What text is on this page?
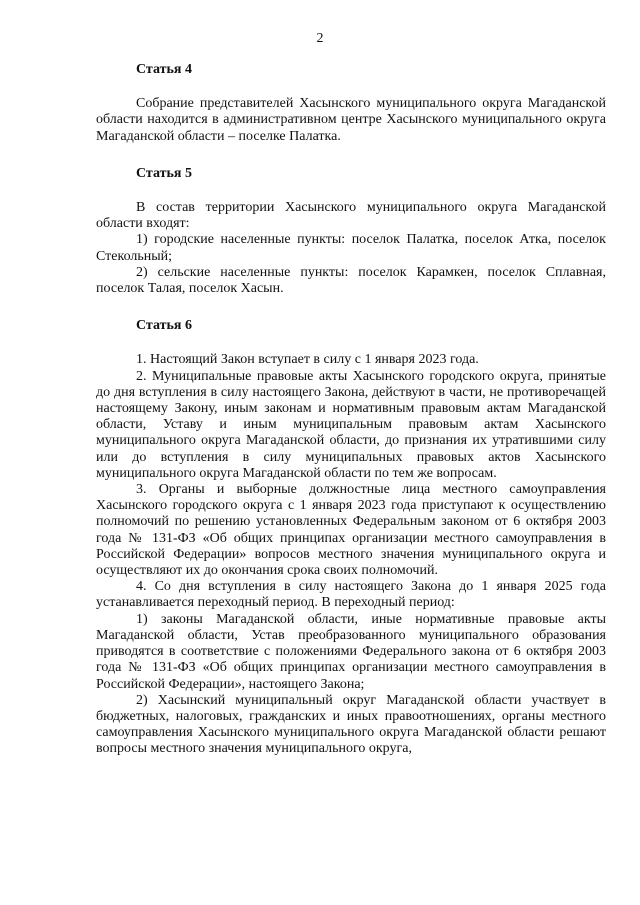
2

Статья 4

Собрание представителей Хасынского муниципального округа Магаданской области находится в административном центре Хасынского муниципального округа Магаданской области – поселке Палатка.

Статья 5

В состав территории Хасынского муниципального округа Магаданской области входят:

1) городские населенные пункты: поселок Палатка, поселок Атка, поселок Стекольный;

2) сельские населенные пункты: поселок Карамкен, поселок Сплавная, поселок Талая, поселок Хасын.

Статья 6

1. Настоящий Закон вступает в силу с 1 января 2023 года.

2. Муниципальные правовые акты Хасынского городского округа, принятые до дня вступления в силу настоящего Закона, действуют в части, не противоречащей настоящему Закону, иным законам и нормативным правовым актам Магаданской области, Уставу и иным муниципальным правовым актам Хасынского муниципального округа Магаданской области, до признания их утратившими силу или до вступления в силу муниципальных правовых актов Хасынского муниципального округа Магаданской области по тем же вопросам.

3. Органы и выборные должностные лица местного самоуправления Хасынского городского округа с 1 января 2023 года приступают к осуществлению полномочий по решению установленных Федеральным законом от 6 октября 2003 года № 131-ФЗ «Об общих принципах организации местного самоуправления в Российской Федерации» вопросов местного значения муниципального округа и осуществляют их до окончания срока своих полномочий.

4. Со дня вступления в силу настоящего Закона до 1 января 2025 года устанавливается переходный период. В переходный период:

1) законы Магаданской области, иные нормативные правовые акты Магаданской области, Устав преобразованного муниципального образования приводятся в соответствие с положениями Федерального закона от 6 октября 2003 года № 131-ФЗ «Об общих принципах организации местного самоуправления в Российской Федерации», настоящего Закона;

2) Хасынский муниципальный округ Магаданской области участвует в бюджетных, налоговых, гражданских и иных правоотношениях, органы местного самоуправления Хасынского муниципального округа Магаданской области решают вопросы местного значения муниципального округа,
